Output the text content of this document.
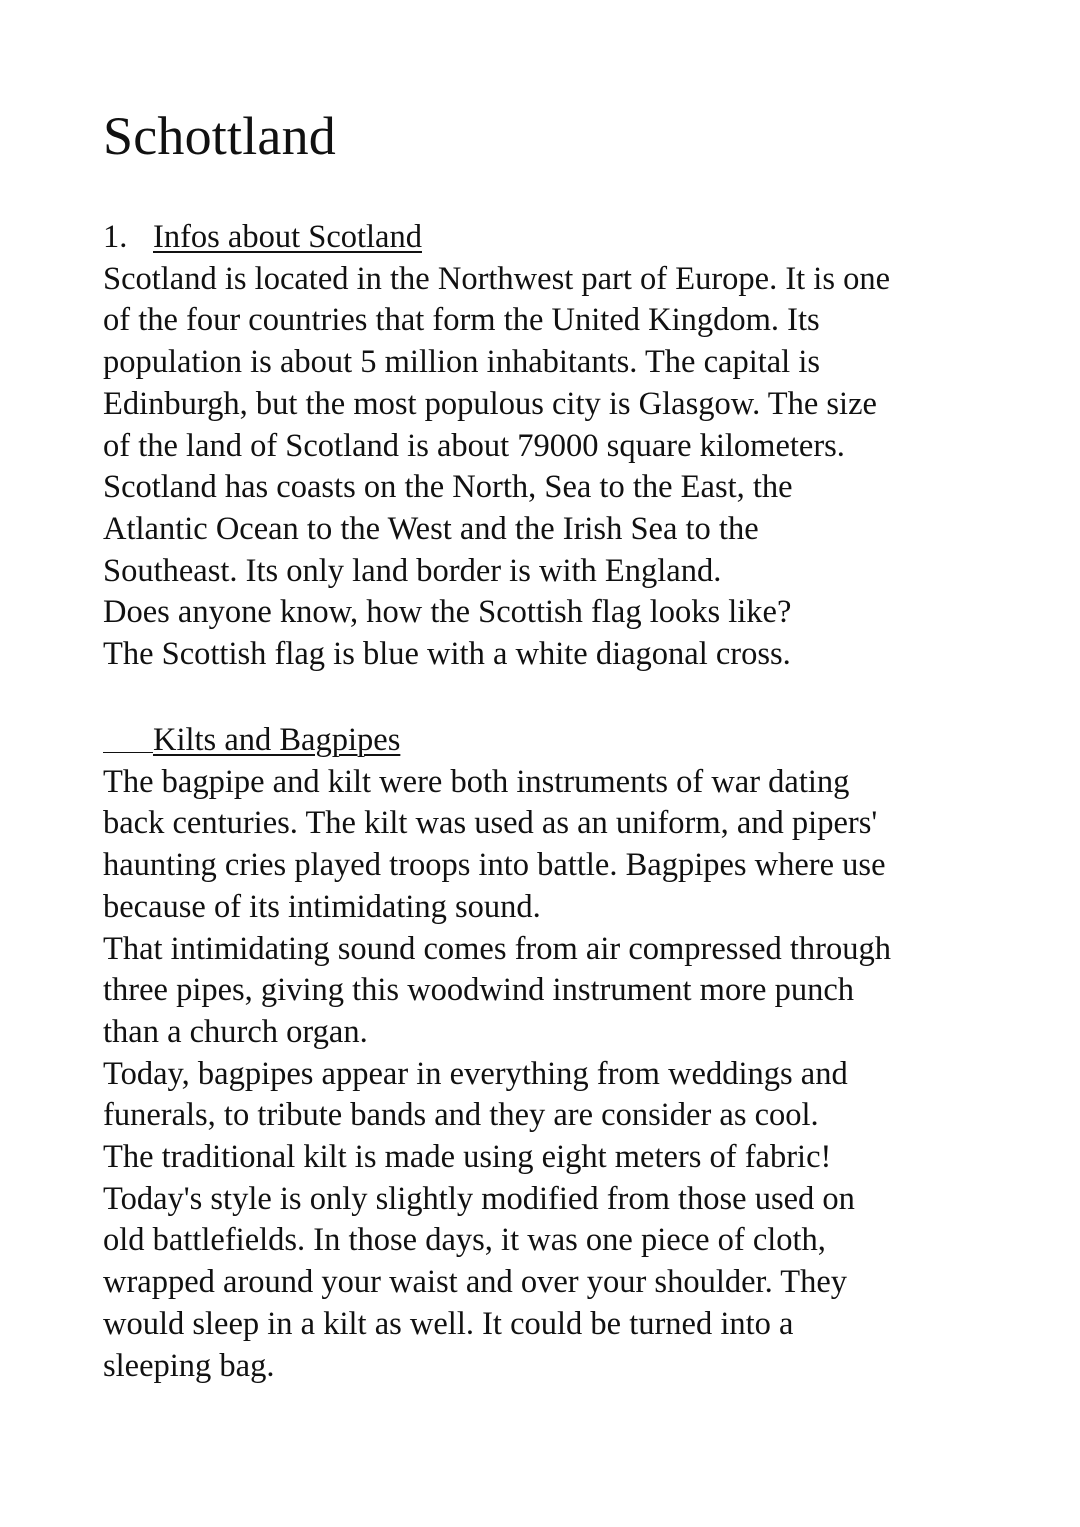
Schottland
1. Infos about Scotland
Scotland is located in the Northwest part of Europe. It is one
of the four countries that form the United Kingdom. Its
population is about 5 million inhabitants. The capital is
Edinburgh, but the most populous city is Glasgow. The size
of the land of Scotland is about 79000 square kilometers.
Scotland has coasts on the North, Sea to the East, the
Atlantic Ocean to the West and the Irish Sea to the
Southeast. Its only land border is with England.
Does anyone know, how the Scottish flag looks like?
The Scottish flag is blue with a white diagonal cross.
Kilts and Bagpipes
The bagpipe and kilt were both instruments of war dating
back centuries. The kilt was used as an uniform, and pipers'
haunting cries played troops into battle. Bagpipes where use
because of its intimidating sound.
That intimidating sound comes from air compressed through
three pipes, giving this woodwind instrument more punch
than a church organ.
Today, bagpipes appear in everything from weddings and
funerals, to tribute bands and they are consider as cool.
The traditional kilt is made using eight meters of fabric!
Today's style is only slightly modified from those used on
old battlefields. In those days, it was one piece of cloth,
wrapped around your waist and over your shoulder. They
would sleep in a kilt as well. It could be turned into a
sleeping bag.
